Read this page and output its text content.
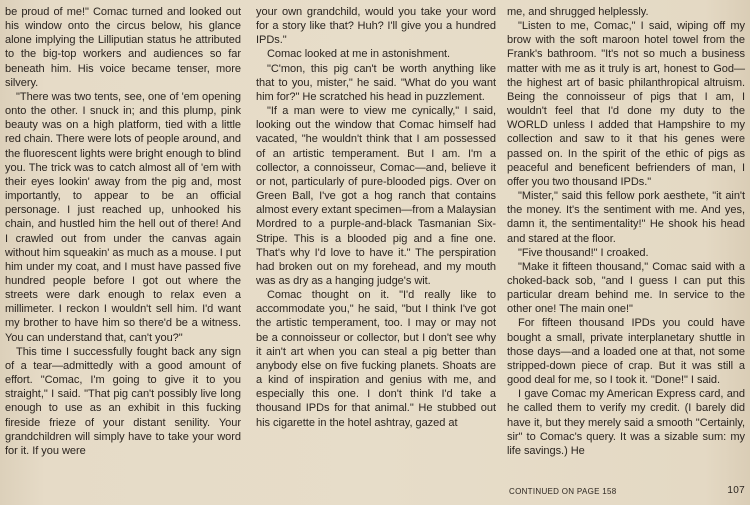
be proud of me!" Comac turned and looked out his window onto the circus below, his glance alone implying the Lilliputian status he attributed to the big-top workers and audiences so far beneath him. His voice became tenser, more silvery.

"There was two tents, see, one of 'em opening onto the other. I snuck in; and this plump, pink beauty was on a high platform, tied with a little red chain. There were lots of people around, and the fluorescent lights were bright enough to blind you. The trick was to catch almost all of 'em with their eyes lookin' away from the pig and, most importantly, to appear to be an official personage. I just reached up, unhooked his chain, and hustled him the hell out of there! And I crawled out from under the canvas again without him squeakin' as much as a mouse. I put him under my coat, and I must have passed five hundred people before I got out where the streets were dark enough to relax even a millimeter. I reckon I wouldn't sell him. I'd want my brother to have him so there'd be a witness. You can understand that, can't you?"

This time I successfully fought back any sign of a tear—admittedly with a good amount of effort. "Comac, I'm going to give it to you straight," I said. "That pig can't possibly live long enough to use as an exhibit in this fucking fireside frieze of your distant senility. Your grandchildren will simply have to take your word for it. If you were

your own grandchild, would you take your word for a story like that? Huh? I'll give you a hundred IPDs."

Comac looked at me in astonishment.

"C'mon, this pig can't be worth anything like that to you, mister," he said. "What do you want him for?" He scratched his head in puzzlement.

"If a man were to view me cynically," I said, looking out the window that Comac himself had vacated, "he wouldn't think that I am possessed of an artistic temperament. But I am. I'm a collector, a connoisseur, Comac—and, believe it or not, particularly of pure-blooded pigs. Over on Green Ball, I've got a hog ranch that contains almost every extant specimen—from a Malaysian Mordred to a purple-and-black Tasmanian Six-Stripe. This is a blooded pig and a fine one. That's why I'd love to have it." The perspiration had broken out on my forehead, and my mouth was as dry as a hanging judge's wit.

Comac thought on it. "I'd really like to accommodate you," he said, "but I think I've got the artistic temperament, too. I may or may not be a connoisseur or collector, but I don't see why it ain't art when you can steal a pig better than anybody else on five fucking planets. Shoats are a kind of inspiration and genius with me, and especially this one. I don't think I'd take a thousand IPDs for that animal." He stubbed out his cigarette in the hotel ashtray, gazed at

me, and shrugged helplessly.

"Listen to me, Comac," I said, wiping off my brow with the soft maroon hotel towel from the Frank's bathroom. "It's not so much a business matter with me as it truly is art, honest to God—the highest art of basic philanthropical altruism. Being the connoisseur of pigs that I am, I wouldn't feel that I'd done my duty to the WORLD unless I added that Hampshire to my collection and saw to it that his genes were passed on. In the spirit of the ethic of pigs as peaceful and beneficent befrienders of man, I offer you two thousand IPDs."

"Mister," said this fellow pork aesthete, "it ain't the money. It's the sentiment with me. And yes, damn it, the sentimentality!" He shook his head and stared at the floor.

"Five thousand!" I croaked.

"Make it fifteen thousand," Comac said with a choked-back sob, "and I guess I can put this particular dream behind me. In service to the other one! The main one!"

For fifteen thousand IPDs you could have bought a small, private interplanetary shuttle in those days—and a loaded one at that, not some stripped-down piece of crap. But it was still a good deal for me, so I took it. "Done!" I said.

I gave Comac my American Express card, and he called them to verify my credit. (I barely did have it, but they merely said a smooth "Certainly, sir" to Comac's query. It was a sizable sum: my life savings.) He

CONTINUED ON PAGE 158	107
